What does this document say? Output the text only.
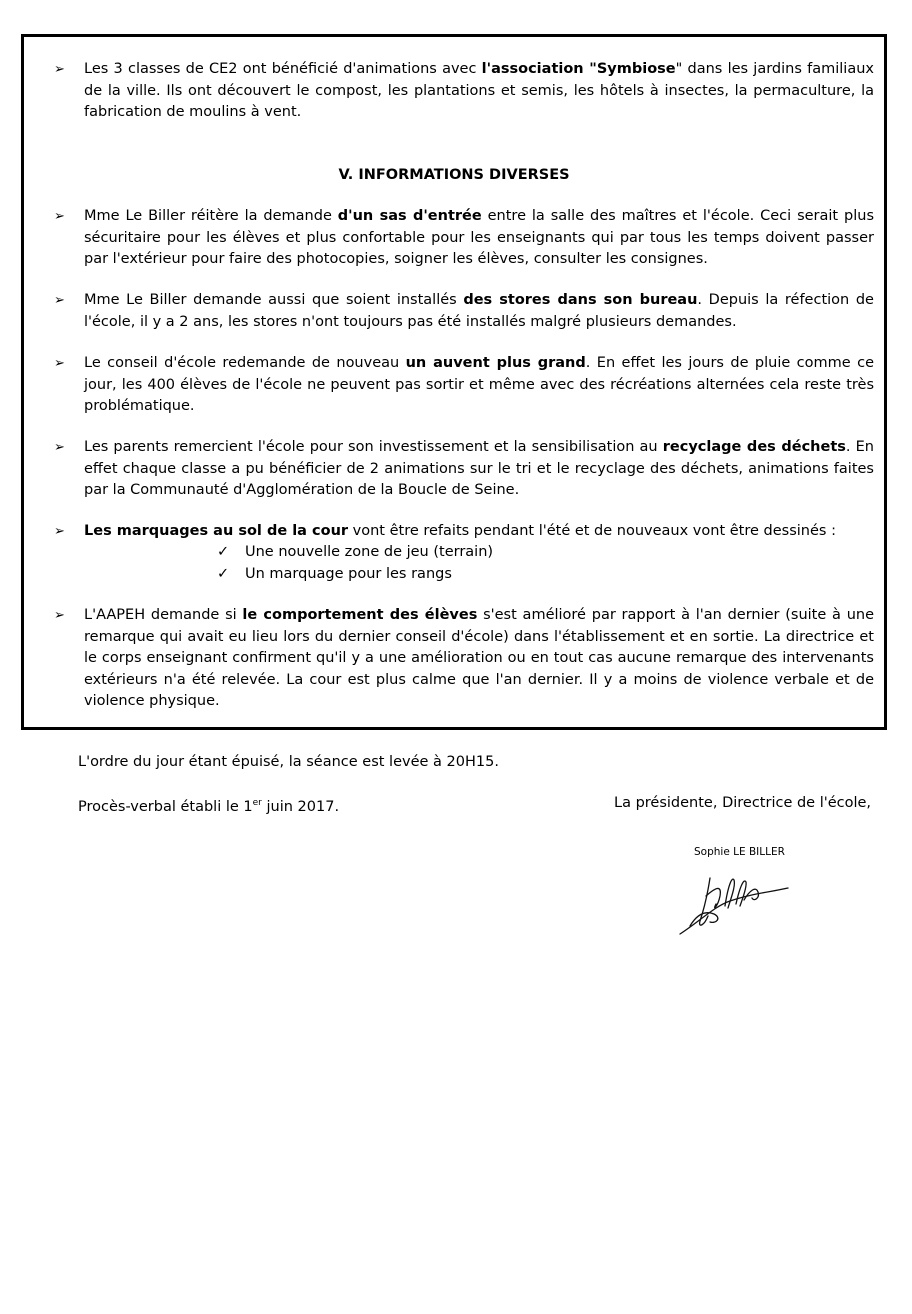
➢ Les 3 classes de CE2 ont bénéficié d'animations avec l'association "Symbiose" dans les jardins familiaux de la ville. Ils ont découvert le compost, les plantations et semis, les hôtels à insectes, la permaculture, la fabrication de moulins à vent.
V. INFORMATIONS DIVERSES
➢ Mme Le Biller réitère la demande d'un sas d'entrée entre la salle des maîtres et l'école. Ceci serait plus sécuritaire pour les élèves et plus confortable pour les enseignants qui par tous les temps doivent passer par l'extérieur pour faire des photocopies, soigner les élèves, consulter les consignes.
➢ Mme Le Biller demande aussi que soient installés des stores dans son bureau. Depuis la réfection de l'école, il y a 2 ans, les stores n'ont toujours pas été installés malgré plusieurs demandes.
➢ Le conseil d'école redemande de nouveau un auvent plus grand. En effet les jours de pluie comme ce jour, les 400 élèves de l'école ne peuvent pas sortir et même avec des récréations alternées cela reste très problématique.
➢ Les parents remercient l'école pour son investissement et la sensibilisation au recyclage des déchets. En effet chaque classe a pu bénéficier de 2 animations sur le tri et le recyclage des déchets, animations faites par la Communauté d'Agglomération de la Boucle de Seine.
➢ Les marquages au sol de la cour vont être refaits pendant l'été et de nouveaux vont être dessinés :
✓ Une nouvelle zone de jeu (terrain)
✓ Un marquage pour les rangs
➢ L'AAPEH demande si le comportement des élèves s'est amélioré par rapport à l'an dernier (suite à une remarque qui avait eu lieu lors du dernier conseil d'école) dans l'établissement et en sortie. La directrice et le corps enseignant confirment qu'il y a une amélioration ou en tout cas aucune remarque des intervenants extérieurs n'a été relevée. La cour est plus calme que l'an dernier. Il y a moins de violence verbale et de violence physique.
L'ordre du jour étant épuisé, la séance est levée à 20H15.
Procès-verbal établi le 1er juin 2017.	La présidente, Directrice de l'école,
Sophie LE BILLER
